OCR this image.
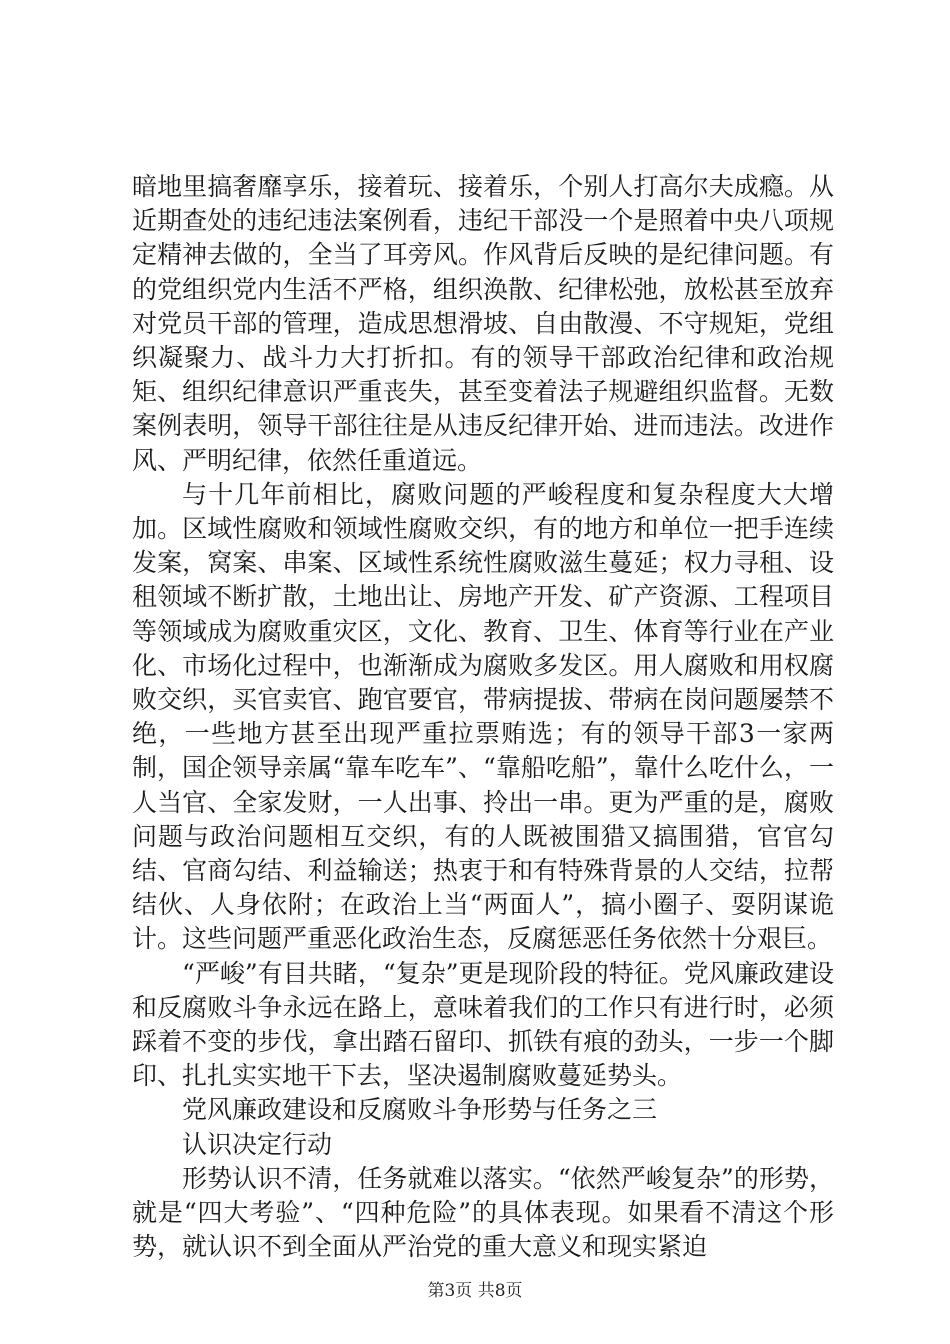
暗地里搞奢靡享乐，接着玩、接着乐，个别人打高尔夫成瘾。从近期查处的违纪违法案例看，违纪干部没一个是照着中央八项规定精神去做的，全当了耳旁风。作风背后反映的是纪律问题。有的党组织党内生活不严格，组织涣散、纪律松弛，放松甚至放弃对党员干部的管理，造成思想滑坡、自由散漫、不守规矩，党组织凝聚力、战斗力大打折扣。有的领导干部政治纪律和政治规矩、组织纪律意识严重丧失，甚至变着法子规避组织监督。无数案例表明，领导干部往往是从违反纪律开始、进而违法。改进作风、严明纪律，依然任重道远。

与十几年前相比，腐败问题的严峻程度和复杂程度大大增加。区域性腐败和领域性腐败交织，有的地方和单位一把手连续发案，窝案、串案、区域性系统性腐败滋生蔓延；权力寻租、设租领域不断扩散，土地出让、房地产开发、矿产资源、工程项目等领域成为腐败重灾区，文化、教育、卫生、体育等行业在产业化、市场化过程中，也渐渐成为腐败多发区。用人腐败和用权腐败交织，买官卖官、跑官要官，带病提拔、带病在岗问题屡禁不绝，一些地方甚至出现严重拉票贿选；有的领导干部3一家两制，国企领导亲属“靠车吃车”、“靠船吃船”，靠什么吃什么，一人当官、全家发财，一人出事、拎出一串。更为严重的是，腐败问题与政治问题相互交织，有的人既被围猎又搞围猎，官官勾结、官商勾结、利益输送；热衷于和有特殊背景的人交结，拉帮结伙、人身依附；在政治上当“两面人”，搞小圈子、耍阴谋诡计。这些问题严重恶化政治生态，反腐惩恶任务依然十分艰巨。

“严峻”有目共睹，“复杂”更是现阶段的特征。党风廉政建设和反腐败斗争永远在路上，意味着我们的工作只有进行时，必须踩着不变的步伐，拿出踏石留印、抓铁有痕的劲头，一步一个脚印、扎扎实实地干下去，坚决遏制腐败蔓延势头。

党风廉政建设和反腐败斗争形势与任务之三

认识决定行动

形势认识不清，任务就难以落实。“依然严峻复杂”的形势，就是“四大考验”、“四种危险”的具体表现。如果看不清这个形势，就认识不到全面从严治党的重大意义和现实紧迫

第3页 共8页
